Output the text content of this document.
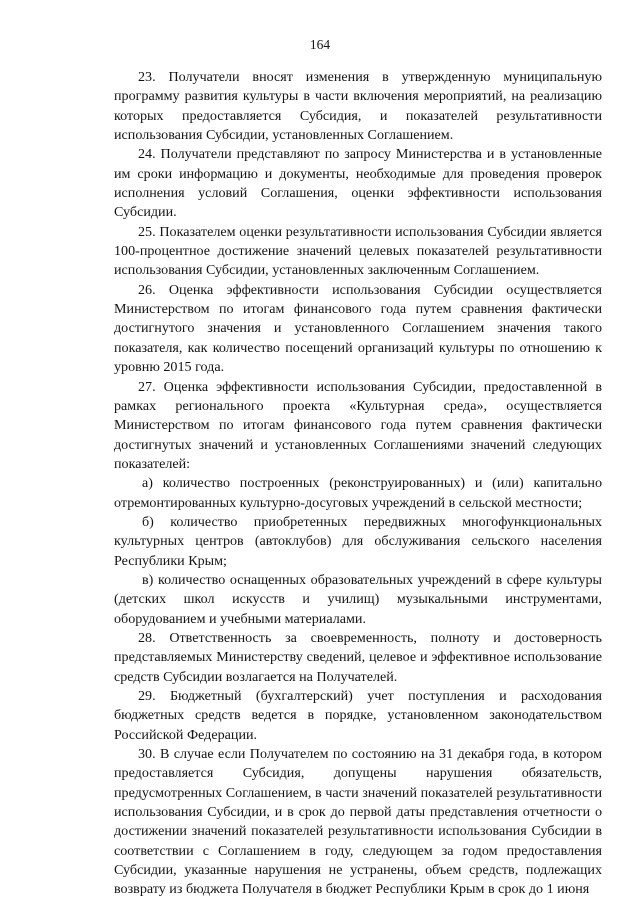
164

23. Получатели вносят изменения в утвержденную муниципальную программу развития культуры в части включения мероприятий, на реализацию которых предоставляется Субсидия, и показателей результативности использования Субсидии, установленных Соглашением.

24. Получатели представляют по запросу Министерства и в установленные им сроки информацию и документы, необходимые для проведения проверок исполнения условий Соглашения, оценки эффективности использования Субсидии.

25. Показателем оценки результативности использования Субсидии является 100-процентное достижение значений целевых показателей результативности использования Субсидии, установленных заключенным Соглашением.

26. Оценка эффективности использования Субсидии осуществляется Министерством по итогам финансового года путем сравнения фактически достигнутого значения и установленного Соглашением значения такого показателя, как количество посещений организаций культуры по отношению к уровню 2015 года.

27. Оценка эффективности использования Субсидии, предоставленной в рамках регионального проекта «Культурная среда», осуществляется Министерством по итогам финансового года путем сравнения фактически достигнутых значений и установленных Соглашениями значений следующих показателей:

а) количество построенных (реконструированных) и (или) капитально отремонтированных культурно-досуговых учреждений в сельской местности;

б) количество приобретенных передвижных многофункциональных культурных центров (автоклубов) для обслуживания сельского населения Республики Крым;

в) количество оснащенных образовательных учреждений в сфере культуры (детских школ искусств и училищ) музыкальными инструментами, оборудованием и учебными материалами.

28. Ответственность за своевременность, полноту и достоверность представляемых Министерству сведений, целевое и эффективное использование средств Субсидии возлагается на Получателей.

29. Бюджетный (бухгалтерский) учет поступления и расходования бюджетных средств ведется в порядке, установленном законодательством Российской Федерации.

30. В случае если Получателем по состоянию на 31 декабря года, в котором предоставляется Субсидия, допущены нарушения обязательств, предусмотренных Соглашением, в части значений показателей результативности использования Субсидии, и в срок до первой даты представления отчетности о достижении значений показателей результативности использования Субсидии в соответствии с Соглашением в году, следующем за годом предоставления Субсидии, указанные нарушения не устранены, объем средств, подлежащих возврату из бюджета Получателя в бюджет Республики Крым в срок до 1 июня
